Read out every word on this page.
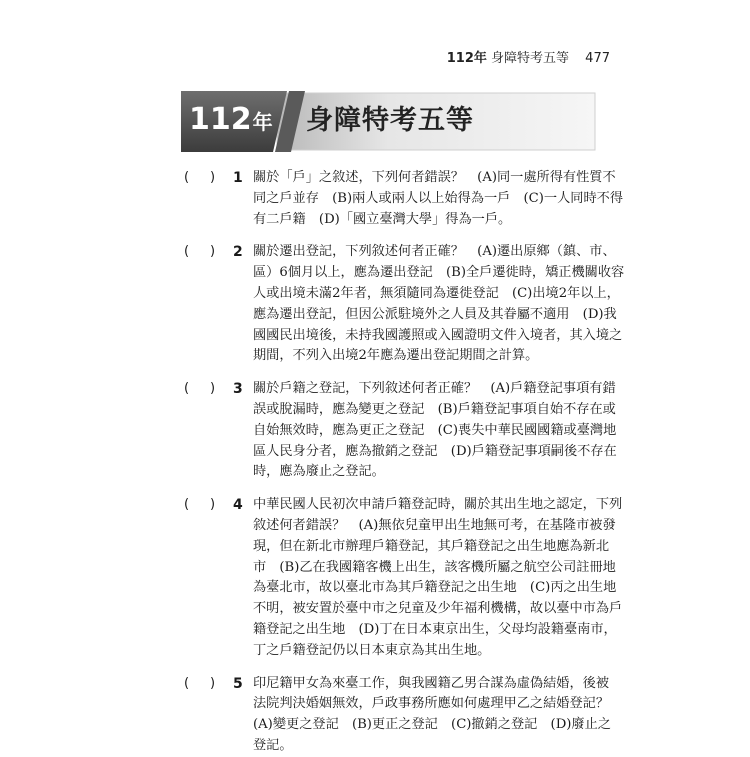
112年 身障特考五等 477
112年 身障特考五等
( ) 1 關於「戶」之敘述，下列何者錯誤？　(A)同一處所得有性質不
同之戶並存　(B)兩人或兩人以上始得為一戶　(C)一人同時不得
有二戶籍　(D)「國立臺灣大學」得為一戶。
( ) 2 關於遷出登記，下列敘述何者正確？　(A)遷出原鄉（鎮、市、
區）6個月以上，應為遷出登記　(B)全戶遷徙時，矯正機關收容
人或出境未滿2年者，無須隨同為遷徙登記　(C)出境2年以上，
應為遷出登記，但因公派駐境外之人員及其眷屬不適用　(D)我
國國民出境後，未持我國護照或入國證明文件入境者，其入境之
期間，不列入出境2年應為遷出登記期間之計算。
( ) 3 關於戶籍之登記，下列敘述何者正確？　(A)戶籍登記事項有錯
誤或脫漏時，應為變更之登記　(B)戶籍登記事項自始不存在或
自始無效時，應為更正之登記　(C)喪失中華民國國籍或臺灣地
區人民身分者，應為撤銷之登記　(D)戶籍登記事項嗣後不存在
時，應為廢止之登記。
( ) 4 中華民國人民初次申請戶籍登記時，關於其出生地之認定，下列
敘述何者錯誤？　(A)無依兒童甲出生地無可考，在基隆市被發
現，但在新北市辦理戶籍登記，其戶籍登記之出生地應為新北
市　(B)乙在我國籍客機上出生，該客機所屬之航空公司註冊地
為臺北市，故以臺北市為其戶籍登記之出生地　(C)丙之出生地
不明，被安置於臺中市之兒童及少年福利機構，故以臺中市為戶
籍登記之出生地　(D)丁在日本東京出生，父母均設籍臺南市，
丁之戶籍登記仍以日本東京為其出生地。
( ) 5 印尼籍甲女為來臺工作，與我國籍乙男合謀為虛偽結婚，後被
法院判決婚姻無效，戶政事務所應如何處理甲乙之結婚登記？
(A)變更之登記　(B)更正之登記　(C)撤銷之登記　(D)廢止之
登記。
